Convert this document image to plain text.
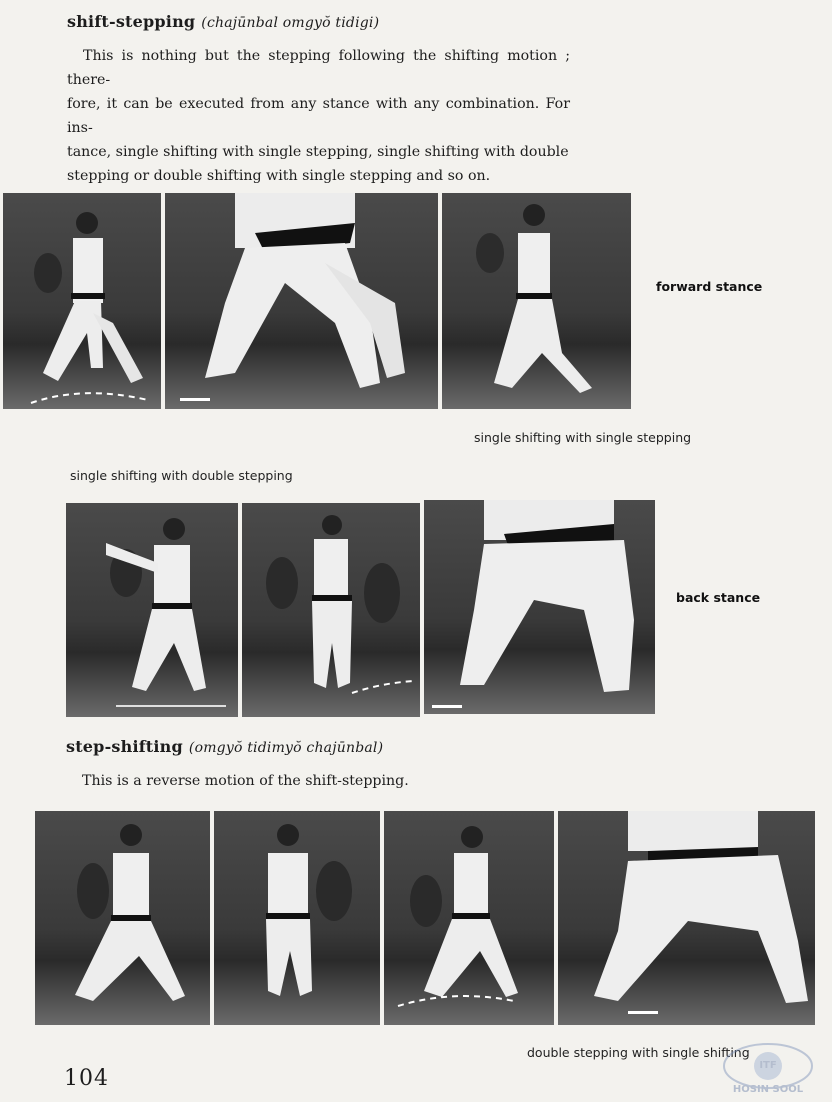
shift-stepping (chajūnbal omgyŏ tidigi)
This is nothing but the stepping following the shifting motion ; there-
fore, it can be executed from any stance with any combination. For ins-
tance, single shifting with single stepping, single shifting with double
stepping or double shifting with single stepping and so on.
forward stance
single shifting with single stepping
single shifting with double stepping
back stance
step-shifting (omgyŏ tidimyŏ chajūnbal)
This is a reverse motion of the shift-stepping.
double stepping with single shifting
104
ITF
HOSIN SOOL
